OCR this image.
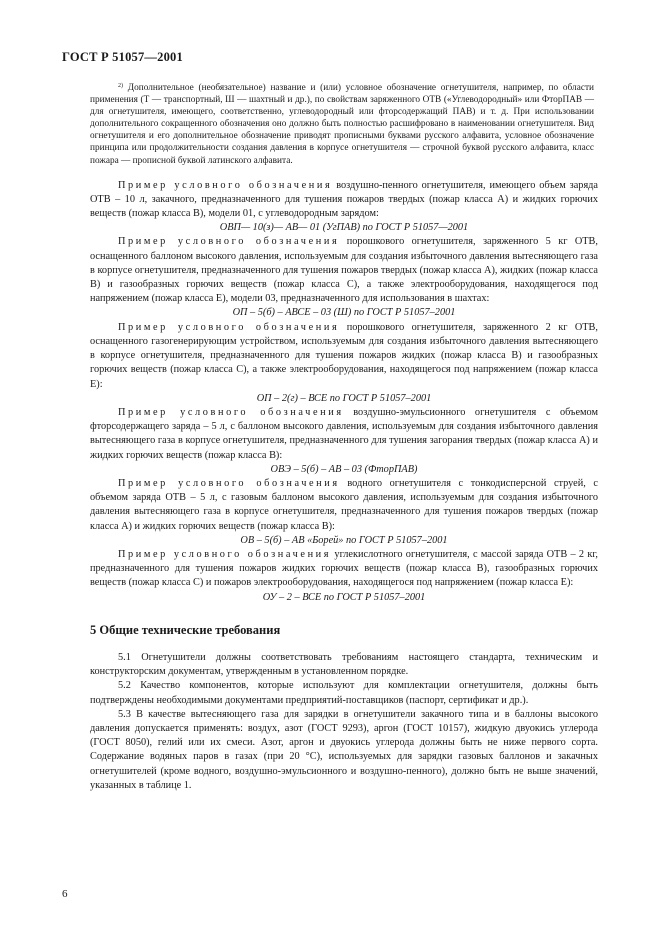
ГОСТ Р 51057—2001
$^{2)}$ Дополнительное (необязательное) название и (или) условное обозначение огнетушителя, например, по области применения (Т — транспортный, Ш — шахтный и др.), по свойствам заряженного ОТВ («Углеводородный» или ФторПАВ — для огнетушителя, имеющего, соответственно, углеводородный или фторсодержащий ПАВ) и т. д. При использовании дополнительного сокращенного обозначения оно должно быть полностью расшифровано в наименовании огнетушителя. Вид огнетушителя и его дополнительное обозначение приводят прописными буквами русского алфавита, условное обозначение принципа или продолжительности создания давления в корпусе огнетушителя — строчной буквой русского алфавита, класс пожара — прописной буквой латинского алфавита.

Пример условного обозначения воздушно-пенного огнетушителя, имеющего объем заряда ОТВ – 10 л, закачного, предназначенного для тушения пожаров твердых (пожар класса А) и жидких горючих веществ (пожар класса В), модели 01, с углеводородным зарядом:

ОВП— 10(з)— АВ— 01 (УгПАВ) по ГОСТ Р 51057—2001

Пример условного обозначения порошкового огнетушителя, заряженного 5 кг ОТВ, оснащенного баллоном высокого давления, используемым для создания избыточного давления вытесняющего газа в корпусе огнетушителя, предназначенного для тушения пожаров твердых (пожар класса А), жидких (пожар класса В) и газообразных горючих веществ (пожар класса С), а также электрооборудования, находящегося под напряжением (пожар класса Е), модели 03, предназначенного для использования в шахтах:

ОП – 5(б) – АВСЕ – 03 (Ш) по ГОСТ Р 51057–2001

Пример условного обозначения порошкового огнетушителя, заряженного 2 кг ОТВ, оснащенного газогенерирующим устройством, используемым для создания избыточного давления вытесняющего в корпусе огнетушителя, предназначенного для тушения пожаров жидких (пожар класса В) и газообразных горючих веществ (пожар класса С), а также электрооборудования, находящегося под напряжением (пожар класса Е):

ОП – 2(г) – ВСЕ по ГОСТ Р 51057–2001

Пример условного обозначения воздушно-эмульсионного огнетушителя с объемом фторсодержащего заряда – 5 л, с баллоном высокого давления, используемым для создания избыточного давления вытесняющего газа в корпусе огнетушителя, предназначенного для тушения загорания твердых (пожар класса А) и жидких горючих веществ (пожар класса В):

ОВЭ – 5(б) – АВ – 03 (ФторПАВ)

Пример условного обозначения водного огнетушителя с тонкодисперсной струей, с объемом заряда ОТВ – 5 л, с газовым баллоном высокого давления, используемым для создания избыточного давления вытесняющего газа в корпусе огнетушителя, предназначенного для тушения пожаров твердых (пожар класса А) и жидких горючих веществ (пожар класса В):

ОВ – 5(б) – АВ «Борей» по ГОСТ Р 51057–2001

Пример условного обозначения углекислотного огнетушителя, с массой заряда ОТВ – 2 кг, предназначенного для тушения пожаров жидких горючих веществ (пожар класса В), газообразных горючих веществ (пожар класса С) и пожаров электрооборудования, находящегося под напряжением (пожар класса Е):

ОУ – 2 – ВСЕ по ГОСТ Р 51057–2001

5 Общие технические требования

5.1 Огнетушители должны соответствовать требованиям настоящего стандарта, техническим и конструкторским документам, утвержденным в установленном порядке.

5.2 Качество компонентов, которые используют для комплектации огнетушителя, должны быть подтверждены необходимыми документами предприятий-поставщиков (паспорт, сертификат и др.).

5.3 В качестве вытесняющего газа для зарядки в огнетушители закачного типа и в баллоны высокого давления допускается применять: воздух, азот (ГОСТ 9293), аргон (ГОСТ 10157), жидкую двуокись углерода (ГОСТ 8050), гелий или их смеси. Азот, аргон и двуокись углерода должны быть не ниже первого сорта. Содержание водяных паров в газах (при 20 °С), используемых для зарядки газовых баллонов и закачных огнетушителей (кроме водного, воздушно-эмульсионного и воздушно-пенного), должно быть не выше значений, указанных в таблице 1.

6
